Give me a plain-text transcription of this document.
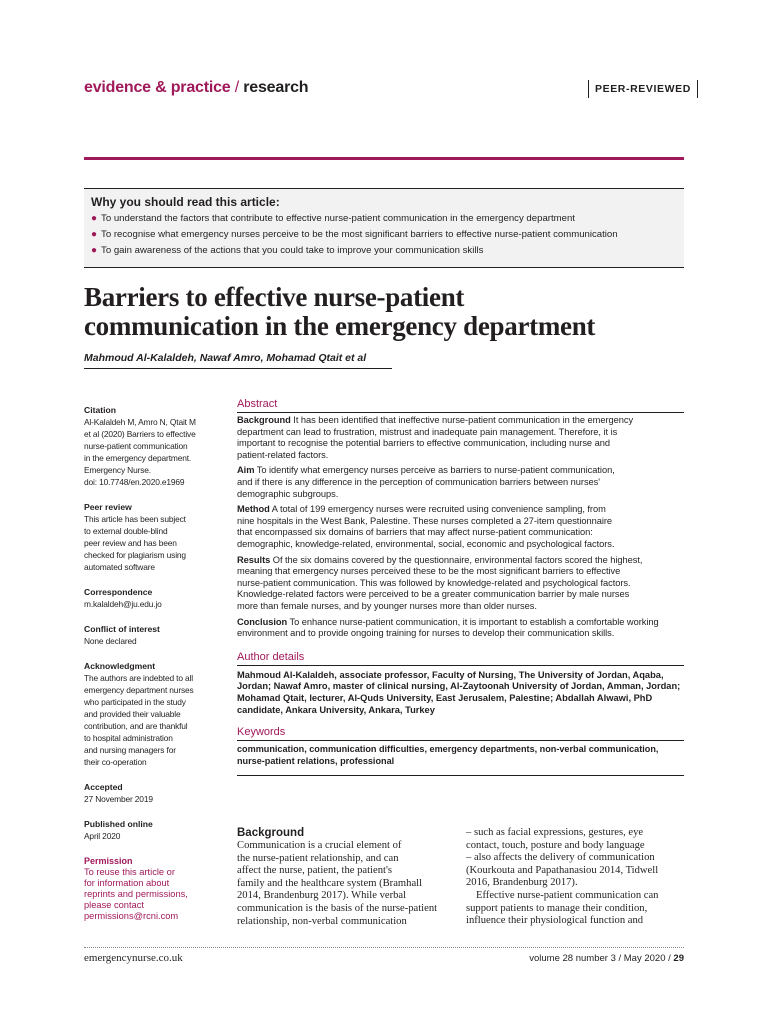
evidence & practice / research	PEER-REVIEWED
Why you should read this article:
● To understand the factors that contribute to effective nurse-patient communication in the emergency department
● To recognise what emergency nurses perceive to be the most significant barriers to effective nurse-patient communication
● To gain awareness of the actions that you could take to improve your communication skills
Barriers to effective nurse-patient
communication in the emergency department
Mahmoud Al-Kalaldeh, Nawaf Amro, Mohamad Qtait et al
Citation
Al-Kalaldeh M, Amro N, Qtait M
et al (2020) Barriers to effective
nurse-patient communication
in the emergency department.
Emergency Nurse.
doi: 10.7748/en.2020.e1969
Peer review
This article has been subject
to external double-blind
peer review and has been
checked for plagiarism using
automated software
Correspondence
m.kalaldeh@ju.edu.jo
Conflict of interest
None declared
Acknowledgment
The authors are indebted to all
emergency department nurses
who participated in the study
and provided their valuable
contribution, and are thankful
to hospital administration
and nursing managers for
their co-operation
Accepted
27 November 2019
Published online
April 2020
Permission
To reuse this article or
for information about
reprints and permissions,
please contact
permissions@rcni.com
Abstract
Background It has been identified that ineffective nurse-patient communication in the emergency
department can lead to frustration, mistrust and inadequate pain management. Therefore, it is
important to recognise the potential barriers to effective communication, including nurse and
patient-related factors.
Aim To identify what emergency nurses perceive as barriers to nurse-patient communication,
and if there is any difference in the perception of communication barriers between nurses'
demographic subgroups.
Method A total of 199 emergency nurses were recruited using convenience sampling, from
nine hospitals in the West Bank, Palestine. These nurses completed a 27-item questionnaire
that encompassed six domains of barriers that may affect nurse-patient communication:
demographic, knowledge-related, environmental, social, economic and psychological factors.
Results Of the six domains covered by the questionnaire, environmental factors scored the highest,
meaning that emergency nurses perceived these to be the most significant barriers to effective
nurse-patient communication. This was followed by knowledge-related and psychological factors.
Knowledge-related factors were perceived to be a greater communication barrier by male nurses
more than female nurses, and by younger nurses more than older nurses.
Conclusion To enhance nurse-patient communication, it is important to establish a comfortable working
environment and to provide ongoing training for nurses to develop their communication skills.
Author details
Mahmoud Al-Kalaldeh, associate professor, Faculty of Nursing, The University of Jordan, Aqaba,
Jordan; Nawaf Amro, master of clinical nursing, Al-Zaytoonah University of Jordan, Amman, Jordan;
Mohamad Qtait, lecturer, Al-Quds University, East Jerusalem, Palestine; Abdallah Alwawi, PhD
candidate, Ankara University, Ankara, Turkey
Keywords
communication, communication difficulties, emergency departments, non-verbal communication,
nurse-patient relations, professional
Background
Communication is a crucial element of
the nurse-patient relationship, and can
affect the nurse, patient, the patient's
family and the healthcare system (Bramhall
2014, Brandenburg 2017). While verbal
communication is the basis of the nurse-patient
relationship, non-verbal communication
– such as facial expressions, gestures, eye
contact, touch, posture and body language
– also affects the delivery of communication
(Kourkouta and Papathanasiou 2014, Tidwell
2016, Brandenburg 2017).
Effective nurse-patient communication can
support patients to manage their condition,
influence their physiological function and
emergencynurse.co.uk	volume 28 number 3 / May 2020 / 29
